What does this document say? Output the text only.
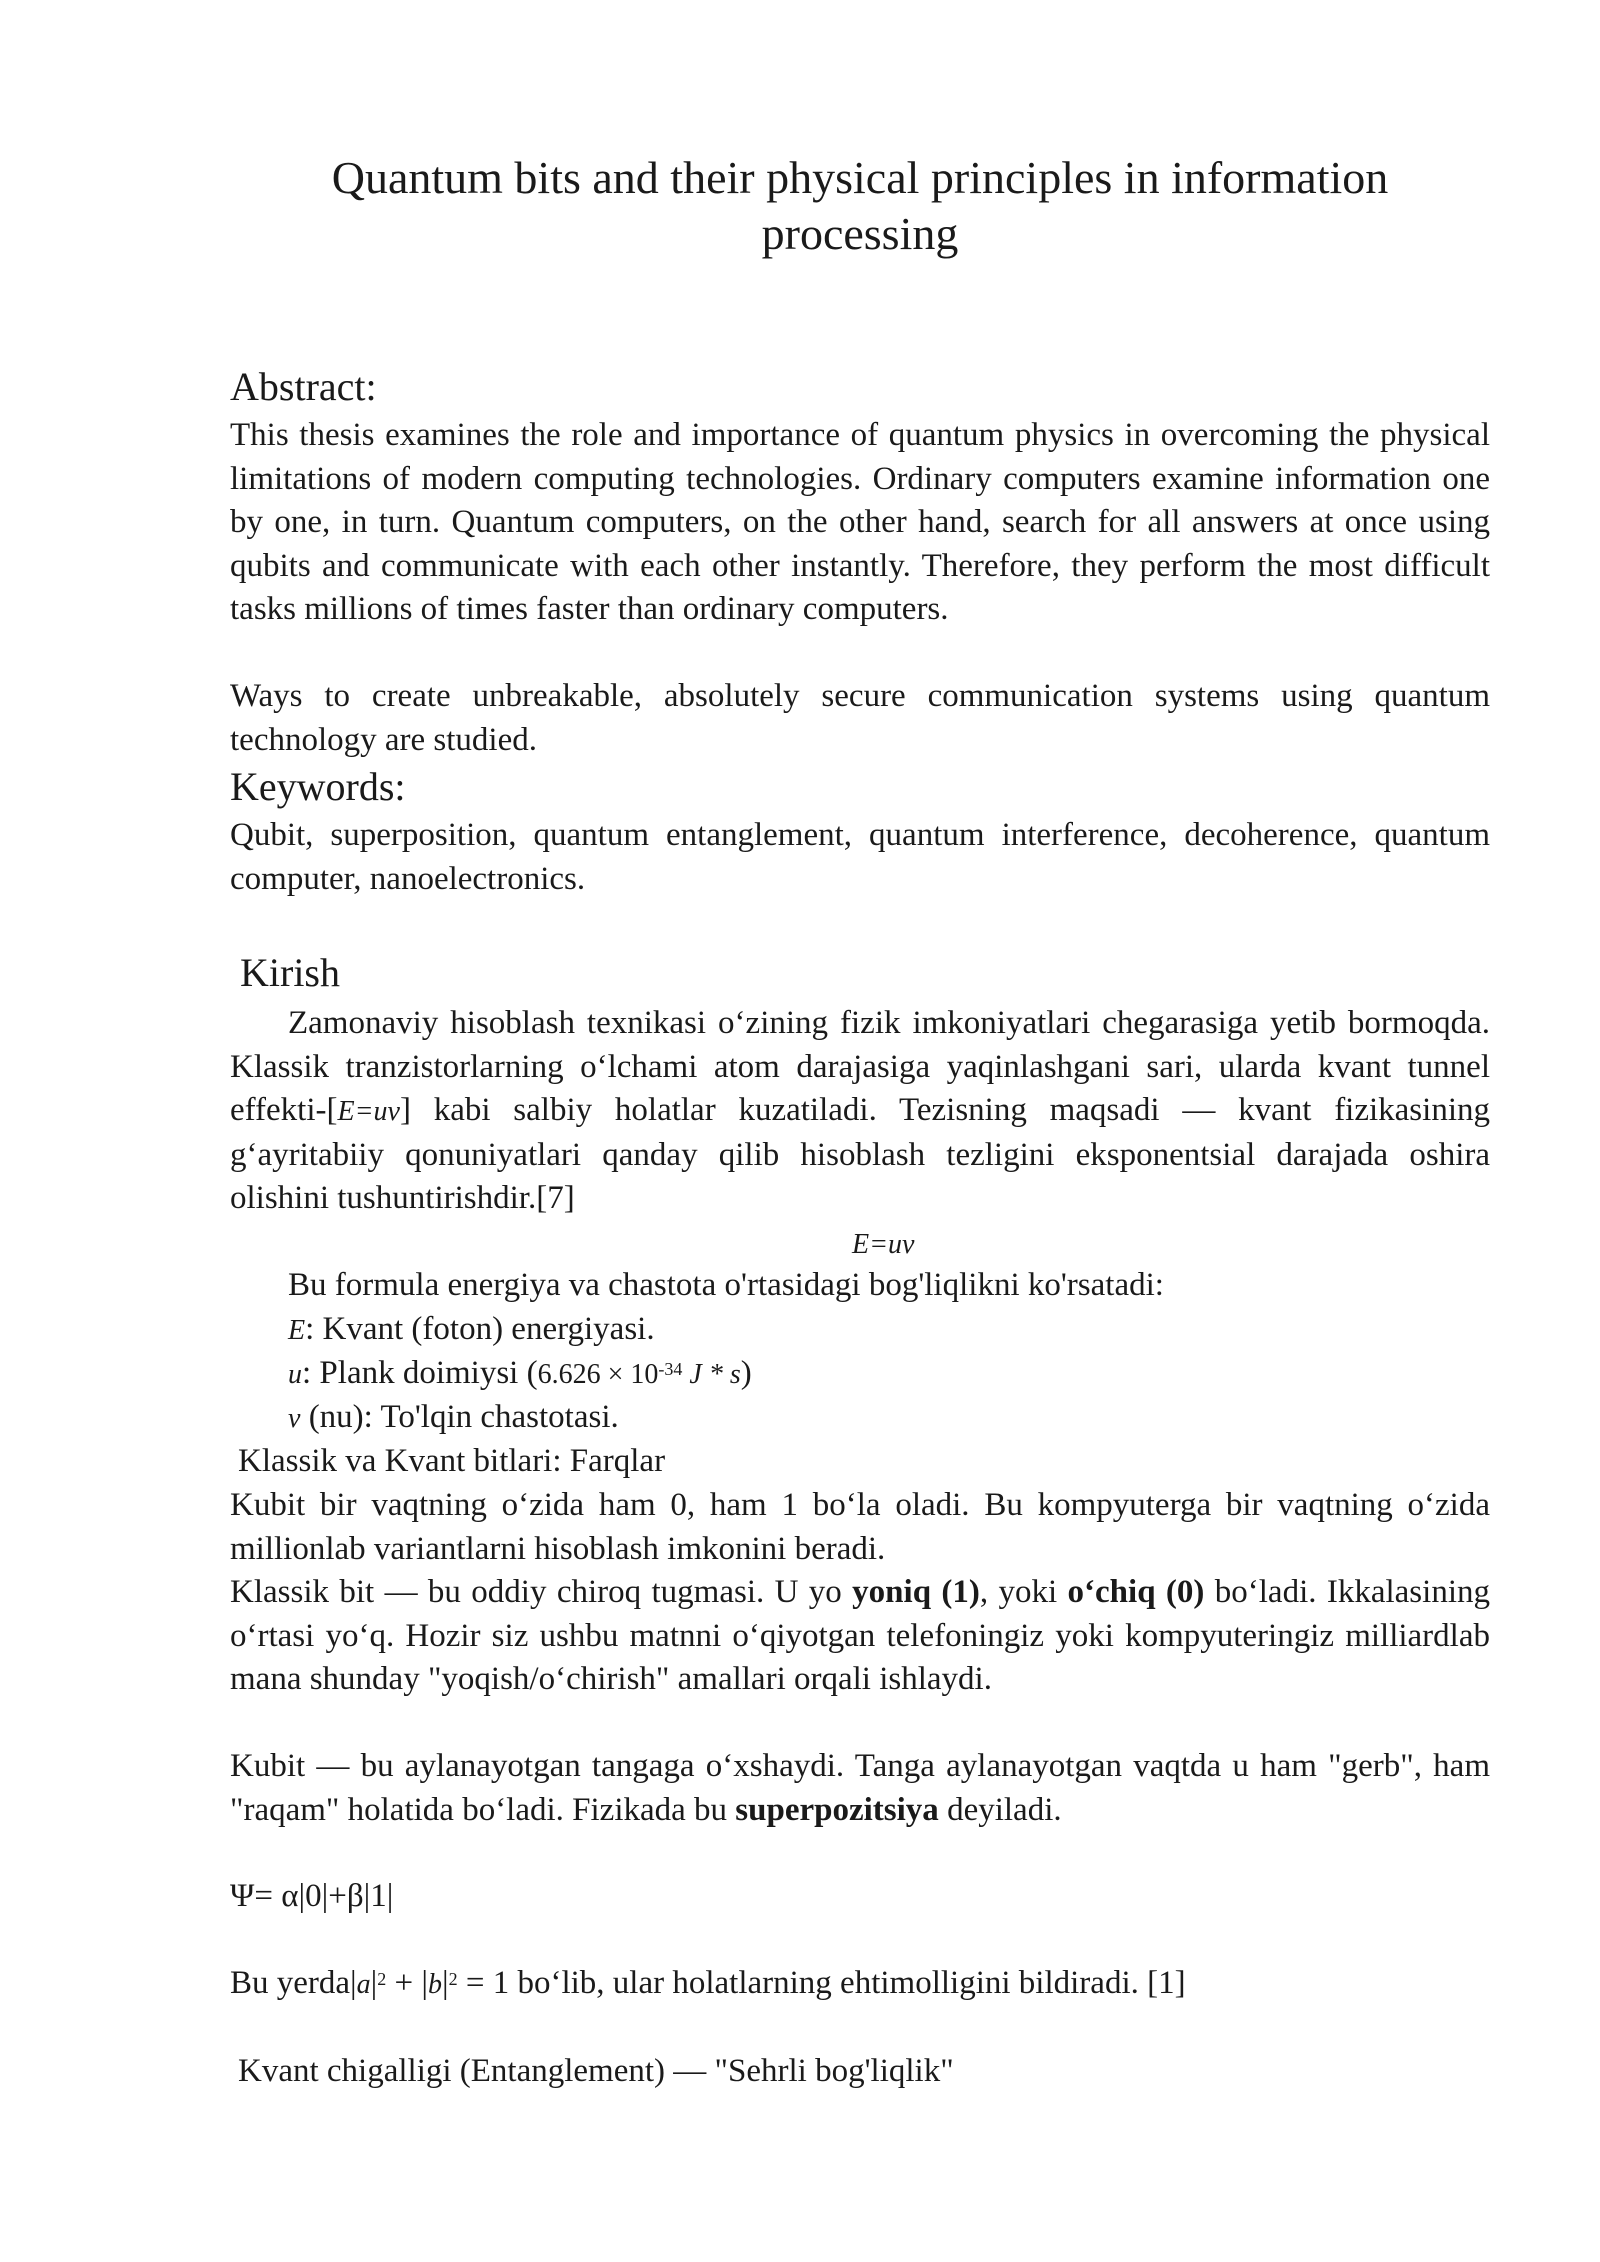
Quantum bits and their physical principles in information processing
Abstract:
This thesis examines the role and importance of quantum physics in overcoming the physical limitations of modern computing technologies. Ordinary computers examine information one by one, in turn. Quantum computers, on the other hand, search for all answers at once using qubits and communicate with each other instantly. Therefore, they perform the most difficult tasks millions of times faster than ordinary computers.
Ways to create unbreakable, absolutely secure communication systems using quantum technology are studied.
Keywords:
Qubit, superposition, quantum entanglement, quantum interference, decoherence, quantum computer, nanoelectronics.
Kirish
Zamonaviy hisoblash texnikasi o‘zining fizik imkoniyatlari chegarasiga yetib bormoqda. Klassik tranzistorlarning o‘lchami atom darajasiga yaqinlashgani sari, ularda kvant tunnel effekti-[E=uv] kabi salbiy holatlar kuzatiladi. Tezisning maqsadi — kvant fizikasining g‘ayritabiiy qonuniyatlari qanday qilib hisoblash tezligini eksponentsial darajada oshira olishini tushuntirishdir.[7]
E=uv
Bu formula energiya va chastota o'rtasidagi bog'liqlikni ko'rsatadi:
E: Kvant (foton) energiyasi.
u: Plank doimiysi ($6.626 \times 10^{-34}$ J * s)
v (nu): To'lqin chastotasi.
Klassik va Kvant bitlari: Farqlar
Kubit bir vaqtning o‘zida ham 0, ham 1 bo‘la oladi. Bu kompyuterga bir vaqtning o‘zida millionlab variantlarni hisoblash imkonini beradi.
Klassik bit — bu oddiy chiroq tugmasi. U yo yoniq (1), yoki o‘chiq (0) bo‘ladi. Ikkalasining o‘rtasi yo‘q. Hozir siz ushbu matnni o‘qiyotgan telefoningiz yoki kompyuteringiz milliardlab mana shunday "yoqish/o‘chirish" amallari orqali ishlaydi.
Kubit — bu aylanayotgan tangaga o‘xshaydi. Tanga aylanayotgan vaqtda u ham "gerb", ham "raqam" holatida bo‘ladi. Fizikada bu superpozitsiya deyiladi.
Ψ= α|0|+β|1|
Bu $yerda|a|^2 + |b|^2 = 1$ bo‘lib, ular holatlarning ehtimolligini bildiradi. [1]
Kvant chigalligi (Entanglement) — "Sehrli bog'liqlik"
